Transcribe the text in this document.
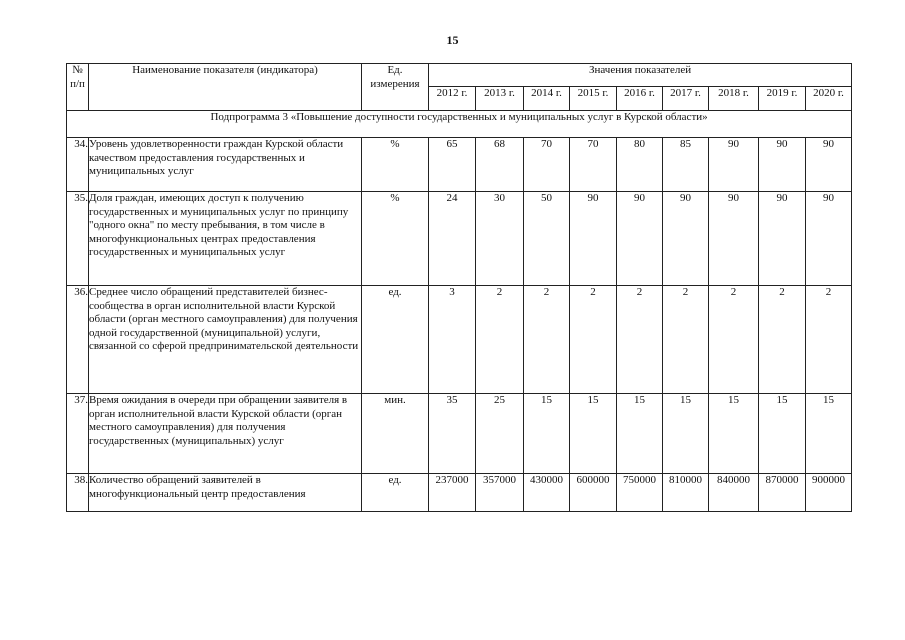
15
№ п/п	Наименование показателя (индикатора)	Ед. измерения	Значения показателей								
			2012 г.	2013 г.	2014 г.	2015 г.	2016 г.	2017 г.	2018 г.	2019 г.	2020 г.
Подпрограмма 3 «Повышение доступности государственных и муниципальных услуг в Курской области»											
34.	Уровень удовлетворенности граждан Курской области качеством предоставления государственных и муниципальных услуг	%	65	68	70	70	80	85	90	90	90
35.	Доля граждан, имеющих доступ к получению государственных и муниципальных услуг по принципу "одного окна" по месту пребывания, в том числе в многофункциональных центрах предоставления государственных и муниципальных услуг	%	24	30	50	90	90	90	90	90	90
36.	Среднее число обращений представителей бизнес-сообщества в орган исполнительной власти Курской области (орган местного самоуправления) для получения одной государственной (муниципальной) услуги, связанной со сферой предпринимательской деятельности	ед.	3	2	2	2	2	2	2	2	2
37.	Время ожидания в очереди при обращении заявителя в орган исполнительной власти Курской области (орган местного самоуправления) для получения государственных (муниципальных) услуг	мин.	35	25	15	15	15	15	15	15	15
38.	Количество обращений заявителей в многофункциональный центр предоставления	ед.	237000	357000	430000	600000	750000	810000	840000	870000	900000
